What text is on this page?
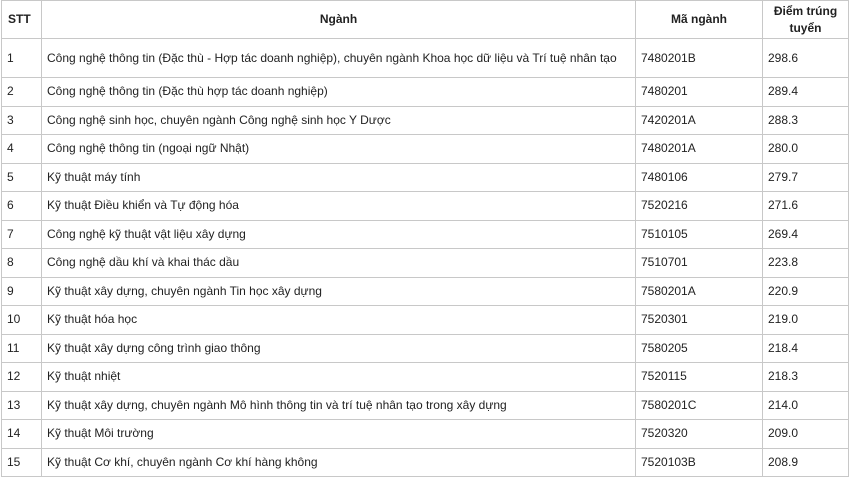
STT	Ngành	Mã ngành	Điểm trúng tuyển
1	Công nghệ thông tin (Đặc thù - Hợp tác doanh nghiệp), chuyên ngành Khoa học dữ liệu và Trí tuệ nhân tạo	7480201B	298.6
2	Công nghệ thông tin (Đặc thù hợp tác doanh nghiệp)	7480201	289.4
3	Công nghệ sinh học, chuyên ngành Công nghệ sinh học Y Dược	7420201A	288.3
4	Công nghệ thông tin (ngoại ngữ Nhật)	7480201A	280.0
5	Kỹ thuật máy tính	7480106	279.7
6	Kỹ thuật Điều khiển và Tự động hóa	7520216	271.6
7	Công nghệ kỹ thuật vật liệu xây dựng	7510105	269.4
8	Công nghệ dầu khí và khai thác dầu	7510701	223.8
9	Kỹ thuật xây dựng, chuyên ngành Tin học xây dựng	7580201A	220.9
10	Kỹ thuật hóa học	7520301	219.0
11	Kỹ thuật xây dựng công trình giao thông	7580205	218.4
12	Kỹ thuật nhiệt	7520115	218.3
13	Kỹ thuật xây dựng, chuyên ngành Mô hình thông tin và trí tuệ nhân tạo trong xây dựng	7580201C	214.0
14	Kỹ thuật Môi trường	7520320	209.0
15	Kỹ thuật Cơ khí, chuyên ngành Cơ khí hàng không	7520103B	208.9
